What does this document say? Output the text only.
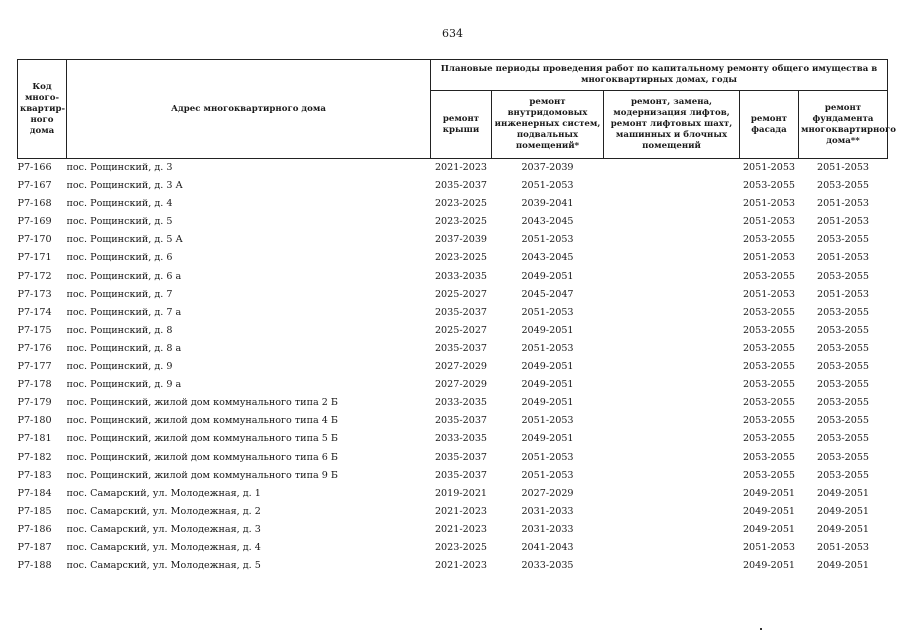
634
Код много-квартир-ного дома	Адрес многоквартирного дома	Плановые периоды проведения работ по капитальному ремонту общего имущества в многоквартирных домах, годы				
		ремонт крыши	ремонт внутридомовых инженерных систем, подвальных помещений*	ремонт, замена, модернизация лифтов, ремонт лифтовых шахт, машинных и блочных помещений	ремонт фасада	ремонт фундамента многоквартирного дома**
Р7-166	пос. Рощинский, д. 3	2021-2023	2037-2039		2051-2053	2051-2053
Р7-167	пос. Рощинский, д. 3 А	2035-2037	2051-2053		2053-2055	2053-2055
Р7-168	пос. Рощинский, д. 4	2023-2025	2039-2041		2051-2053	2051-2053
Р7-169	пос. Рощинский, д. 5	2023-2025	2043-2045		2051-2053	2051-2053
Р7-170	пос. Рощинский, д. 5 А	2037-2039	2051-2053		2053-2055	2053-2055
Р7-171	пос. Рощинский, д. 6	2023-2025	2043-2045		2051-2053	2051-2053
Р7-172	пос. Рощинский, д. 6 а	2033-2035	2049-2051		2053-2055	2053-2055
Р7-173	пос. Рощинский, д. 7	2025-2027	2045-2047		2051-2053	2051-2053
Р7-174	пос. Рощинский, д. 7 а	2035-2037	2051-2053		2053-2055	2053-2055
Р7-175	пос. Рощинский, д. 8	2025-2027	2049-2051		2053-2055	2053-2055
Р7-176	пос. Рощинский, д. 8 а	2035-2037	2051-2053		2053-2055	2053-2055
Р7-177	пос. Рощинский, д. 9	2027-2029	2049-2051		2053-2055	2053-2055
Р7-178	пос. Рощинский, д. 9 а	2027-2029	2049-2051		2053-2055	2053-2055
Р7-179	пос. Рощинский, жилой дом коммунального типа 2 Б	2033-2035	2049-2051		2053-2055	2053-2055
Р7-180	пос. Рощинский, жилой дом коммунального типа 4 Б	2035-2037	2051-2053		2053-2055	2053-2055
Р7-181	пос. Рощинский, жилой дом коммунального типа 5 Б	2033-2035	2049-2051		2053-2055	2053-2055
Р7-182	пос. Рощинский, жилой дом коммунального типа 6 Б	2035-2037	2051-2053		2053-2055	2053-2055
Р7-183	пос. Рощинский, жилой дом коммунального типа 9 Б	2035-2037	2051-2053		2053-2055	2053-2055
Р7-184	пос. Самарский, ул. Молодежная, д. 1	2019-2021	2027-2029		2049-2051	2049-2051
Р7-185	пос. Самарский, ул. Молодежная, д. 2	2021-2023	2031-2033		2049-2051	2049-2051
Р7-186	пос. Самарский, ул. Молодежная, д. 3	2021-2023	2031-2033		2049-2051	2049-2051
Р7-187	пос. Самарский, ул. Молодежная, д. 4	2023-2025	2041-2043		2051-2053	2051-2053
Р7-188	пос. Самарский, ул. Молодежная, д. 5	2021-2023	2033-2035		2049-2051	2049-2051
